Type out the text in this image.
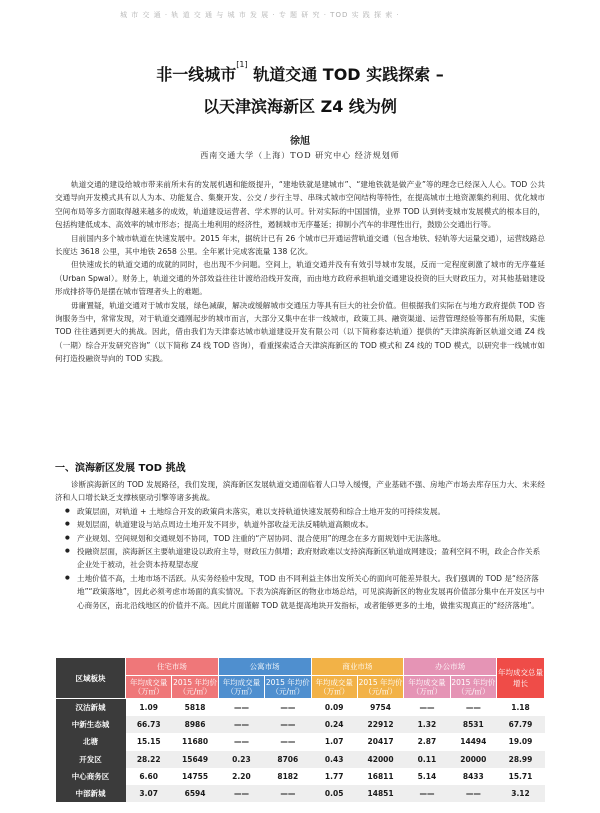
城 市 交 通 · 轨 道 交 通 与 城 市 发 展 · 专 题 研 究 · TOD 实 践 探 索 ·
非一线城市[1] 轨道交通 TOD 实践探索 –
以天津滨海新区 Z4 线为例
徐旭
西南交通大学（上海）TOD 研究中心 经济规划师

轨道交通的建设给城市带来前所未有的发展机遇和能级提升，“建地铁就是建城市”、“建地铁就是做产业”等的理念已经深入人心。TOD 公共交通导向开发模式具有以人为本、功能复合、集聚开发、公交 / 步行主导、串珠式城市空间结构等特性，在提高城市土地资源集约利用、优化城市空间布局等多方面取得越来越多的成效，轨道建设运营者、学术界的认可。针对实际的中国国情，业界 TOD 认到转变城市发展模式的根本目的，包括构建低成本、高效率的城市形态；提高土地利用的经济性，遏制城市无序蔓延；抑制小汽车的非理性出行，鼓励公交通出行等。

目前国内多个城市轨道在快速发展中。2015 年末，据统计已有 26 个城市已开通运营轨道交通（包含地铁、轻轨等大运量交通），运营线路总长度达 3618 公里，其中地铁 2658 公里。全年累计完成客流量 138 亿次。

但快速成长的轨道交通的成就的同时，也出现不少问题。空间上，轨道交通并没有有效引导城市发展，反而一定程度刺激了城市的无序蔓延（Urban Spwal）。财务上，轨道交通的外部效益往往计渡给沿线开发商，而由地方政府承担轨道交通建设投资的巨大财政压力，对其他基础建设形成排挤等仍是摆在城市管理者头上的难题。

毋庸置疑，轨道交通对于城市发展，绿色减碳，解决或缓解城市交通压力等具有巨大的社会价值。但根据我们实际在与地方政府提供 TOD 咨询服务当中，常常发现，对于轨道交通刚起步的城市而言，大部分又集中在非一线城市，政策工具、融资渠道、运营管理经验等都有所局限，实施 TOD 往往遇到更大的挑战。因此，借由我们为天津泰达城市轨道建设开发有限公司（以下简称泰达轨道）提供的“天津滨海新区轨道交通 Z4 线（一期）综合开发研究咨询”（以下简称 Z4 线 TOD 咨询），看重探索适合天津滨海新区的 TOD 模式和 Z4 线的 TOD 模式，以研究非一线城市如何打造投融资导向的 TOD 实践。

一、滨海新区发展 TOD 挑战

诊断滨海新区的 TOD 发展路径，我们发现，滨海新区发展轨道交通面临着人口导入缓慢，产业基础不强、房地产市场去库存压力大、未来经济和人口增长缺乏支撑核驱动引擎等诸多挑战。

● 政策层面，对轨道 + 土地综合开发的政策尚未落实，难以支持轨道快速发展势和综合土地开发的可持续发展。
● 规划层面，轨道建设与站点周边土地开发不同步，轨道外部收益无法反哺轨道高额成本。
● 产业规划、空间规划和交通规划不协同，TOD 注重的“产居协同、混合使用”的理念在多方面规划中无法落地。
● 投融资层面，滨海新区主要轨道建设以政府主导，财政压力俱增；政府财政难以支持滨海新区轨道成网建设；盈利空间不明，政企合作关系企业处于被动，社会资本持观望态度
● 土地价值不高，土地市场不活跃。从实务经验中发现，TOD 由不同利益主体出发所关心的面向可能差异很大。我们强调的 TOD 是“经济落地”“政策落地”，因此必须考虑市场面的真实情况。下表为滨海新区的物业市场总结，可见滨海新区的物业发展再价值部分集中在开发区与中心商务区，南北沿线地区的价值并不高。因此片面谨解 TOD 就是提高地块开发指标，或者能够更多的土地，做推实现真正的“经济落地”。
区域板块	住宅市场		公寓市场		商业市场		办公市场		年均成交总量增长
	年均成交量（万㎡）	2015 年均价（元/㎡）	年均成交量（万㎡）	2015 年均价（元/㎡）	年均成交量（万㎡）	2015 年均价（元/㎡）	年均成交量（万㎡）	2015 年均价（元/㎡）	
汉沽新城	1.09	5818	——	——	0.09	9754	——	——	1.18
中新生态城	66.73	8986	——	——	0.24	22912	1.32	8531	67.79
北塘	15.15	11680	——	——	1.07	20417	2.87	14494	19.09
开发区	28.22	15649	0.23	8706	0.43	42000	0.11	20000	28.99
中心商务区	6.60	14755	2.20	8182	1.77	16811	5.14	8433	15.71
中部新城	3.07	6594	——	——	0.05	14851	——	——	3.12
